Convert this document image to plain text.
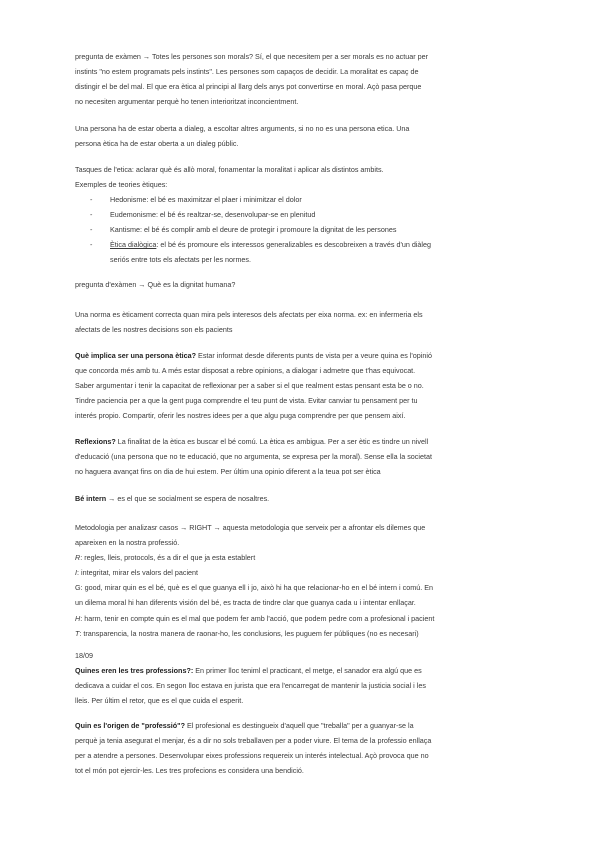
pregunta de exàmen → Totes les persones son morals? Sí, el que necesitem per a ser morals es no actuar per

instints "no estem programats pels instints". Les persones som capaços de decidir. La moralitat es capaç de

distingir el be del mal. El que era ètica al principi al llarg dels anys pot convertirse en moral. Açò pasa perque

no necesiten argumentar perquè ho tenen interioritzat inconcientment.

Una persona ha de estar oberta a dialeg, a escoltar altres arguments, si no no es una persona etica. Una

persona ètica ha de estar oberta a un dialeg públic.

Tasques de l'etica: aclarar què és allò moral, fonamentar la moralitat i aplicar als distintos ambits.

Exemples de teories ètiques:

- Hedonisme: el bé es maximitzar el plaer i minimitzar el dolor
- Eudemonisme: el bé és realtzar-se, desenvolupar-se en plenitud
- Kantisme: el bé és complir amb el deure de protegir i promoure la dignitat de les persones
- Ètica dialògica: el bé és promoure els interessos generalizables es descobreixen a través d'un diàleg
seriós entre tots els afectats per les normes.

pregunta d'exàmen → Què es la dignitat humana?

Una norma es èticament correcta quan mira pels interesos dels afectats per eixa norma. ex: en infermeria els

afectats de les nostres decisions son els pacients

Què implica ser una persona ètica? Estar informat desde diferents punts de vista per a veure quina es l'opinió

que concorda més amb tu. A més estar disposat a rebre opinions, a dialogar i admetre que t'has equivocat.

Saber argumentar i tenir la capacitat de reflexionar per a saber si el que realment estas pensant esta be o no.

Tindre paciencia per a que la gent puga comprendre el teu punt de vista. Evitar canviar tu pensament per tu

interés propio. Compartir, oferir les nostres idees per a que algu puga comprendre per que pensem així.

Reflexions? La finalitat de la ètica es buscar el bé comú. La ètica es ambigua. Per a ser ètic es tindre un nivell

d'educació (una persona que no te educació, que no argumenta, se expresa per la moral). Sense ella la societat

no haguera avançat fins on dia de hui estem. Per últim una opinio diferent a la teua pot ser ètica

Bé intern → es el que se socialment se espera de nosaltres.

Metodologia per analizasr casos → RIGHT → aquesta metodologia que serveix per a afrontar els dilemes que

apareixen en la nostra professió.

R: regles, lleis, protocols, és a dir el que ja esta establert

I: integritat, mirar els valors del pacient

G: good, mirar quin es el bé, què es el que guanya ell i jo, això hi ha que relacionar-ho en el bé intern i comú. En

un dilema moral hi han diferents visión del bé, es tracta de tindre clar que guanya cada u i intentar enllaçar.

H: harm, tenir en compte quin es el mal que podem fer amb l'acció, que podem pedre com a profesional i pacient

T: transparencia, la nostra manera de raonar-ho, les conclusions, les puguem fer públiques (no es necesari)

18/09

Quines eren les tres professions?: En primer lloc teniml el practicant, el metge, el sanador era algú que es

dedicava a cuidar el cos. En segon lloc estava en jurista que era l'encarregat de mantenir la justicia social i les

lleis. Per últim el retor, que es el que cuida el esperit.

Quin es l'origen de "professió"? El profesional es destingueix d'aquell que "treballa" per a guanyar-se la

perquè ja tenia asegurat el menjar, és a dir no sols treballaven per a poder viure. El tema de la professio enllaça

per a atendre a persones. Desenvolupar eixes professions requereix un interés intelectual. Açò provoca que no

tot el món pot ejercir-les. Les tres profecions es considera una bendició.
